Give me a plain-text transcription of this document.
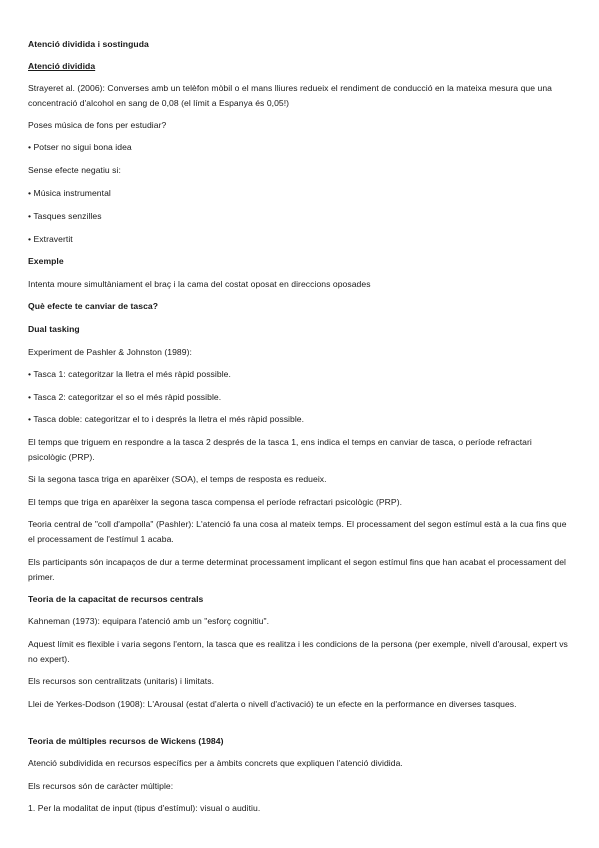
Atenció dividida i sostinguda
Atenció dividida
Strayeret al. (2006): Converses amb un telèfon mòbil o el mans lliures redueix el rendiment de conducció en la mateixa mesura que una concentració d'alcohol en sang de 0,08 (el límit a Espanya és 0,05!)
Poses música de fons per estudiar?
• Potser no sigui bona idea
Sense efecte negatiu si:
• Música instrumental
• Tasques senzilles
• Extravertit
Exemple
Intenta moure simultàniament el braç i la cama del costat oposat en direccions oposades
Què efecte te canviar de tasca?
Dual tasking
Experiment de Pashler & Johnston (1989):
• Tasca 1: categoritzar la lletra el més ràpid possible.
• Tasca 2: categoritzar el so el més ràpid possible.
• Tasca doble: categoritzar el to i després la lletra el més ràpid possible.
El temps que triguem en respondre a la tasca 2 després de la tasca 1, ens indica el temps en canviar de tasca, o període refractari psicològic (PRP).
Si la segona tasca triga en aparèixer (SOA), el temps de resposta es redueix.
El temps que triga en aparèixer la segona tasca compensa el període refractari psicològic (PRP).
Teoria central de "coll d'ampolla" (Pashler): L'atenció fa una cosa al mateix temps. El processament del segon estímul està a la cua fins que el processament de l'estímul 1 acaba.
Els participants són incapaços de dur a terme determinat processament implicant el segon estímul fins que han acabat el processament del primer.
Teoria de la capacitat de recursos centrals
Kahneman (1973): equipara l'atenció amb un "esforç cognitiu".
Aquest límit es flexible i varia segons l'entorn, la tasca que es realitza i les condicions de la persona (per exemple, nivell d'arousal, expert vs no expert).
Els recursos son centralitzats (unitaris) i limitats.
Llei de Yerkes-Dodson (1908): L'Arousal (estat d'alerta o nivell d'activació) te un efecte en la performance en diverses tasques.
Teoria de múltiples recursos de Wickens (1984)
Atenció subdividida en recursos específics per a àmbits concrets que expliquen l'atenció dividida.
Els recursos són de caràcter múltiple:
1. Per la modalitat de input (tipus d'estímul): visual o auditiu.
